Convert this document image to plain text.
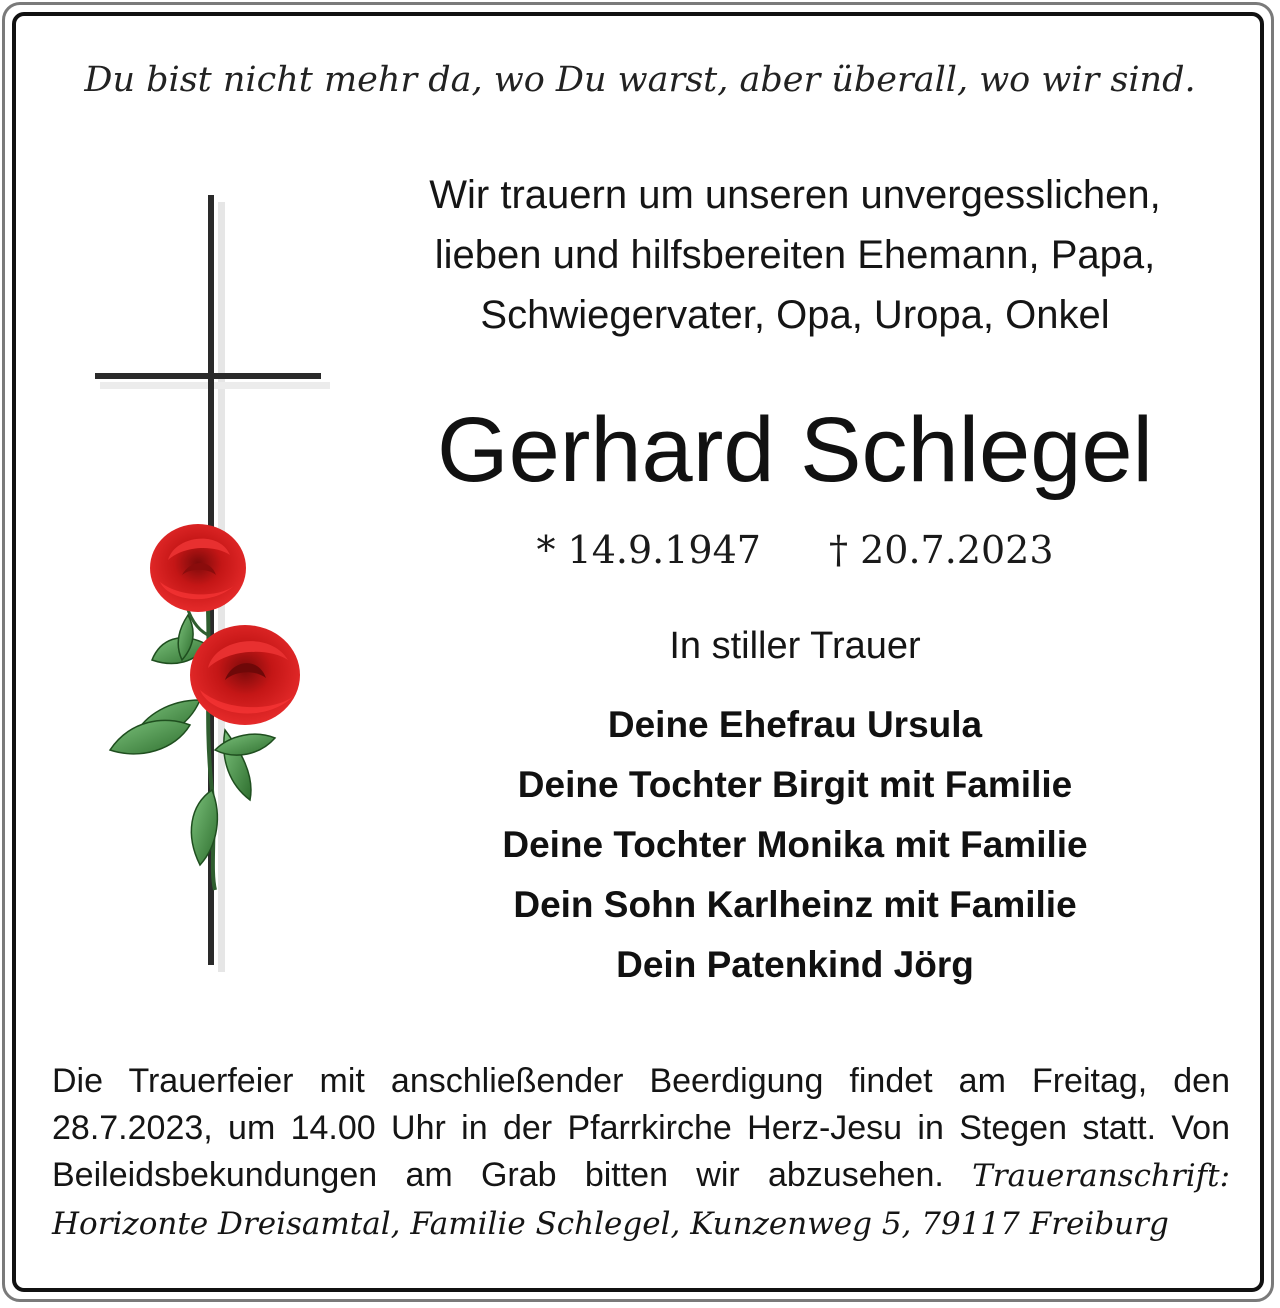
Du bist nicht mehr da, wo Du warst, aber überall, wo wir sind.
Wir trauern um unseren unvergesslichen,
lieben und hilfsbereiten Ehemann, Papa,
Schwiegervater, Opa, Uropa, Onkel
Gerhard Schlegel
* 14.9.1947 † 20.7.2023
In stiller Trauer
Deine Ehefrau Ursula
Deine Tochter Birgit mit Familie
Deine Tochter Monika mit Familie
Dein Sohn Karlheinz mit Familie
Dein Patenkind Jörg
Die Trauerfeier mit anschließender Beerdigung findet am Freitag, den 28.7.2023, um 14.00 Uhr in der Pfarrkirche Herz-Jesu in Stegen statt. Von Beileidsbekundungen am Grab bitten wir abzusehen. Traueranschrift: Horizonte Dreisamtal, Familie Schlegel, Kunzenweg 5, 79117 Freiburg
